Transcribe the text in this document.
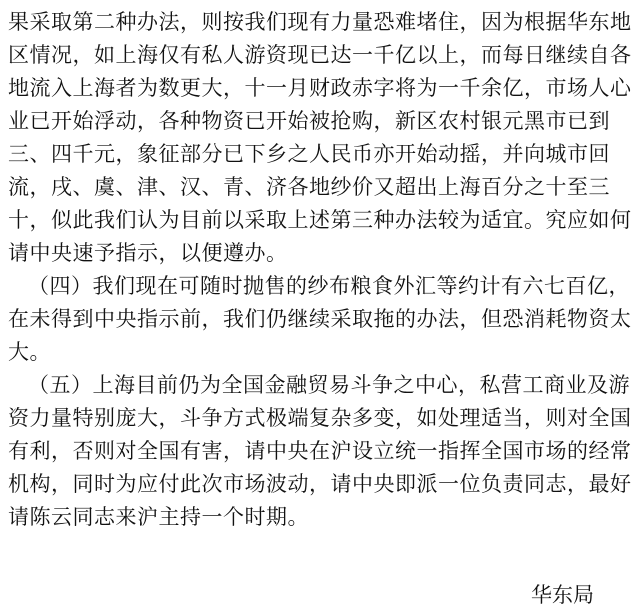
果采取第二种办法，则按我们现有力量恐难堵住，因为根据华东地
区情况，如上海仅有私人游资现已达一千亿以上，而每日继续自各
地流入上海者为数更大，十一月财政赤字将为一千余亿，市场人心
业已开始浮动，各种物资已开始被抢购，新区农村银元黑市已到
三、四千元，象征部分已下乡之人民币亦开始动摇，并向城市回
流，戌、虞、津、汉、青、济各地纱价又超出上海百分之十至三
十，似此我们认为目前以采取上述第三种办法较为适宜。究应如何
请中央速予指示，以便遵办。
（四）我们现在可随时抛售的纱布粮食外汇等约计有六七百亿，
在未得到中央指示前，我们仍继续采取拖的办法，但恐消耗物资太
大。
（五）上海目前仍为全国金融贸易斗争之中心，私营工商业及游
资力量特别庞大，斗争方式极端复杂多变，如处理适当，则对全国
有利，否则对全国有害，请中央在沪设立统一指挥全国市场的经常
机构，同时为应付此次市场波动，请中央即派一位负责同志，最好
请陈云同志来沪主持一个时期。
华东局
